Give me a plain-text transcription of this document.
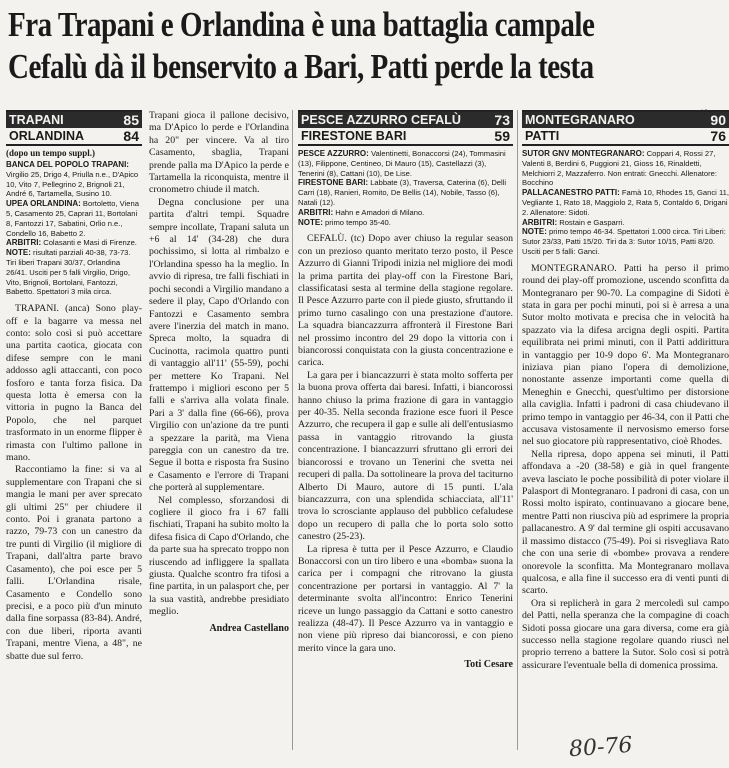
Fra Trapani e Orlandina è una battaglia campale
Cefalù dà il benservito a Bari, Patti perde la testa
TRAPANI	85
ORLANDINA	84
(dopo un tempo suppl.)
BANCA DEL POPOLO TRAPANI: Virgilio 25, Drigo 4, Priulla n.e., D'Apico 10, Vito 7, Pellegrino 2, Brignoli 21, André 6, Tartamella, Susino 10.
UPEA ORLANDINA: Bortoletto, Viena 5, Casamento 25, Caprari 11, Bortolani 8, Fantozzi 17, Sabatini, Orlio n.e., Condello 16, Babetto 2.
ARBITRI: Colasanti e Masi di Firenze.
NOTE: risultati parziali 40-38, 73-73. Tiri liberi Trapani 30/37, Orlandina 26/41. Usciti per 5 falli Virgilio, Drigo, Vito, Brignoli, Bortolani, Fantozzi, Babetto. Spettatori 3 mila circa.

TRAPANI. (anca) Sono play-off e la bagarre va messa nel conto: solo così si può accettare una partita caotica, giocata con difese sempre con le mani addosso agli attaccanti, con poco fosforo e tanta forza fisica. Da questa lotta è emersa con la vittoria in pugno la Banca del Popolo, che nel parquet trasformato in un enorme flipper è rimasta con l'ultimo pallone in mano.

Raccontiamo la fine: si va al supplementare con Trapani che si mangia le mani per aver sprecato gli ultimi 25" per chiudere il conto. Poi i granata partono a razzo, 79-73 con un canestro da tre punti di Virgilio (il migliore di Trapani, dall'altra parte bravo Casamento), che poi esce per 5 falli. L'Orlandina risale, Casamento e Condello sono precisi, e a poco più d'un minuto dalla fine sorpassa (83-84). André, con due liberi, riporta avanti Trapani, mentre Viena, a 48", ne sbatte due sul ferro.

Trapani gioca il pallone decisivo, ma D'Apico lo perde e l'Orlandina ha 20" per vincere. Va al tiro Casamento, sbaglia, Trapani prende palla ma D'Apico la perde e Tartamella la riconquista, mentre il cronometro chiude il match.

Degna conclusione per una partita d'altri tempi. Squadre sempre incollate, Trapani saluta un +6 al 14' (34-28) che dura pochissimo, si lotta al rimbalzo e l'Orlandina spesso ha la meglio. In avvio di ripresa, tre falli fischiati in pochi secondi a Virgilio mandano a sedere il play, Capo d'Orlando con Fantozzi e Casamento sembra avere l'inerzia del match in mano. Spreca molto, la squadra di Cucinotta, racimola quattro punti di vantaggio all'11' (55-59), pochi per mettere Ko Trapani. Nel frattempo i migliori escono per 5 falli e s'arriva alla volata finale. Pari a 3' dalla fine (66-66), prova Virgilio con un'azione da tre punti a spezzare la parità, ma Viena pareggia con un canestro da tre. Segue il botta e risposta fra Susino e Casamento e l'errore di Trapani che porterà al supplementare.

Nel complesso, sforzandosi di cogliere il gioco fra i 67 falli fischiati, Trapani ha subito molto la difesa fisica di Capo d'Orlando, che da parte sua ha sprecato troppo non riuscendo ad infliggere la spallata giusta. Qualche scontro fra tifosi a fine partita, in un palasport che, per la sua vastità, andrebbe presidiato meglio.

Andrea Castellano
PESCE AZZURRO CEFALÙ 73
FIRESTONE BARI	59
PESCE AZZURRO: Valentinetti, Bonaccorsi (24), Tommasini (13), Filippone, Centineo, Di Mauro (15), Castellazzi (3), Tenerini (8), Cattani (10), De Lise.
FIRESTONE BARI: Labbate (3), Traversa, Caterina (6), Delli Carri (18), Ranieri, Romito, De Bellis (14), Nobile, Tasso (6), Natali (12).
ARBITRI: Hahn e Amadori di Milano.
NOTE: primo tempo 35-40.

CEFALÙ. (tc) Dopo aver chiuso la regular season con un prezioso quanto meritato terzo posto, il Pesce Azzurro di Gianni Tripodi inizia nel migliore dei modi la prima partita dei play-off con la Firestone Bari, classificatasi sesta al termine della stagione regolare. Il Pesce Azzurro parte con il piede giusto, sfruttando il primo turno casalingo con una prestazione d'autore. La squadra biancazzurra affronterà il Firestone Bari nel prossimo incontro del 29 dopo la vittoria con i biancorossi conquistata con la giusta concentrazione e carica.

La gara per i biancazzurri è stata molto sofferta per la buona prova offerta dai baresi. Infatti, i biancorossi hanno chiuso la prima frazione di gara in vantaggio per 40-35. Nella seconda frazione esce fuori il Pesce Azzurro, che recupera il gap e sulle ali dell'entusiasmo passa in vantaggio ritrovando la giusta concentrazione. I biancazzurri sfruttano gli errori dei biancorossi e trovano un Tenerini che svetta nei recuperi di palla. Da sottolineare la prova del taciturno Alberto Di Mauro, autore di 15 punti. L'ala biancazzurra, con una splendida schiacciata, all'11' trova lo scrosciante applauso del pubblico cefaludese dopo un recupero di palla che lo porta solo sotto canestro (25-23).

La ripresa è tutta per il Pesce Azzurro, e Claudio Bonaccorsi con un tiro libero e una «bomba» suona la carica per i compagni che ritrovano la giusta concentrazione per portarsi in vantaggio. Al 7' la determinante svolta all'incontro: Enrico Tenerini riceve un lungo passaggio da Cattani e sotto canestro realizza (48-47). Il Pesce Azzurro va in vantaggio e non viene più ripreso dai biancorossi, e con pieno merito vince la gara uno.

Toti Cesare
MONTEGRANARO	90
PATTI	76
SUTOR GNV MONTEGRANARO: Coppari 4, Rossi 27, Valenti 8, Berdini 6, Puggioni 21, Gioss 16, Rinaldetti, Melchiorri 2, Mazzaferro. Non entrati: Gnecchi. Allenatore: Bocchino
PALLACANESTRO PATTI: Famà 10, Rhodes 15, Ganci 11, Vegliante 1, Rato 18, Maggiolo 2, Rata 5, Contaldo 6, Drigani 2. Allenatore: Sidoti.
ARBITRI: Rostain e Gasparri.
NOTE: primo tempo 46-34. Spettatori 1.000 circa. Tiri Liberi: Sutor 23/33, Patti 15/20. Tiri da 3: Sutor 10/15, Patti 8/20. Usciti per 5 falli: Ganci.

MONTEGRANARO. Patti ha perso il primo round dei play-off promozione, uscendo sconfitta da Montegranaro per 90-70. La compagine di Sidoti è stata in gara per pochi minuti, poi si è arresa a una Sutor molto motivata e precisa che in velocità ha spazzato via la difesa arcigna degli ospiti. Partita equilibrata nei primi minuti, con il Patti addirittura in vantaggio per 10-9 dopo 6'. Ma Montegranaro iniziava pian piano l'opera di demolizione, nonostante assenze importanti come quella di Meneghin e Gnecchi, quest'ultimo per distorsione alla caviglia. Infatti i padroni di casa chiudevano il primo tempo in vantaggio per 46-34, con il Patti che accusava vistosamente il nervosismo emerso forse nel suo giocatore più rappresentativo, cioè Rhodes.

Nella ripresa, dopo appena sei minuti, il Patti affondava a -20 (38-58) e già in quel frangente aveva lasciato le poche possibilità di poter violare il Palasport di Montegranaro. I padroni di casa, con un Rossi molto ispirato, continuavano a giocare bene, mentre Patti non riusciva più ad esprimere la propria pallacanestro. A 9' dal termine gli ospiti accusavano il massimo distacco (75-49). Poi si risvegliava Rato che con una serie di «bombe» provava a rendere onorevole la sconfitta. Ma Montegranaro mollava qualcosa, e alla fine il successo era di venti punti di scarto.

Ora si replicherà in gara 2 mercoledì sul campo del Patti, nella speranza che la compagine di coach Sidoti possa giocare una gara diversa, come era già successo nella stagione regolare quando riuscì nel proprio terreno a battere la Sutor. Solo così si potrà assicurare l'eventuale bella di domenica prossima.

80-76
